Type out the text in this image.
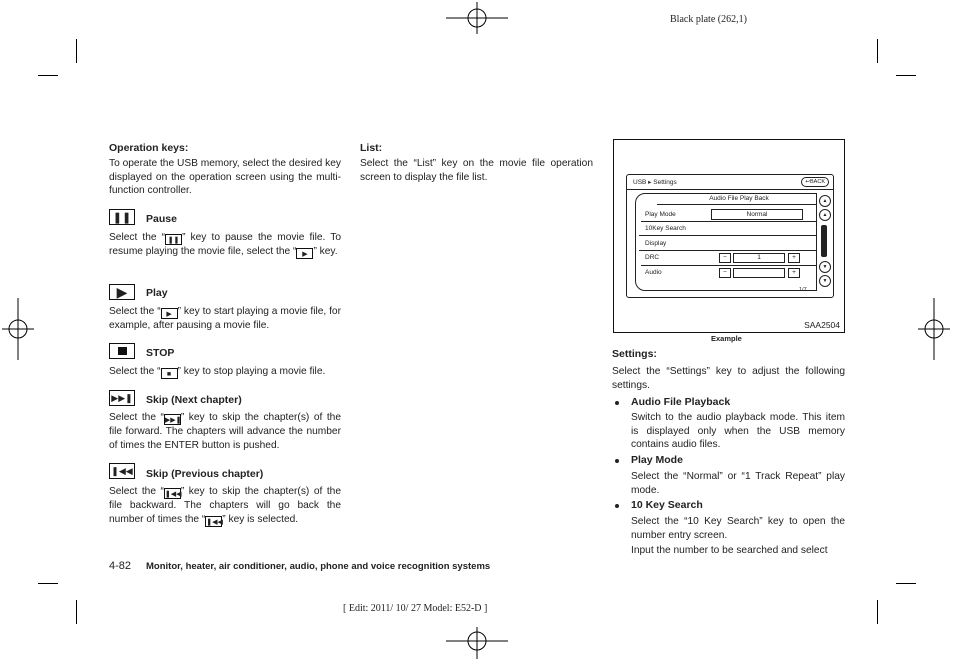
Black plate (262,1)
Operation keys:
To operate the USB memory, select the desired key displayed on the operation screen using the multi-function controller.
❚❚	Pause
Select the “ ❚❚ ” key to pause the movie file. To resume playing the movie file, select the “ ▶ ” key.
▶	Play
Select the “ ▶ ” key to start playing a movie file, for example, after pausing a movie file.
STOP
Select the “ ■ ” key to stop playing a movie file.
▶▶❚ Skip (Next chapter)
Select the “▶▶❚” key to skip the chapter(s) of the file forward. The chapters will advance the number of times the ENTER button is pushed.
❚◀◀ Skip (Previous chapter)
Select the “❚◀◀” key to skip the chapter(s) of the file backward. The chapters will go back the number of times the “❚◀◀” key is selected.
List:
Select the “List” key on the movie file operation screen to display the file list.	USB ▸ Settings	↩BACK
Audio File Play Back
Play Mode	Normal
10Key Search
Display
DRC	−	1	+
Audio	−	+
▲
▲
▼
▼
1/7
SAA2504
Example
Settings:
Select the “Settings” key to adjust the following settings.
Audio File Playback
Switch to the audio playback mode. This item is displayed only when the USB memory contains audio files.
Play Mode
Select the “Normal” or “1 Track Repeat” play mode.
10 Key Search
Select the “10 Key Search” key to open the number entry screen.
Input the number to be searched and select
4-82 Monitor, heater, air conditioner, audio, phone and voice recognition systems
[ Edit: 2011/ 10/ 27 Model: E52-D ]
